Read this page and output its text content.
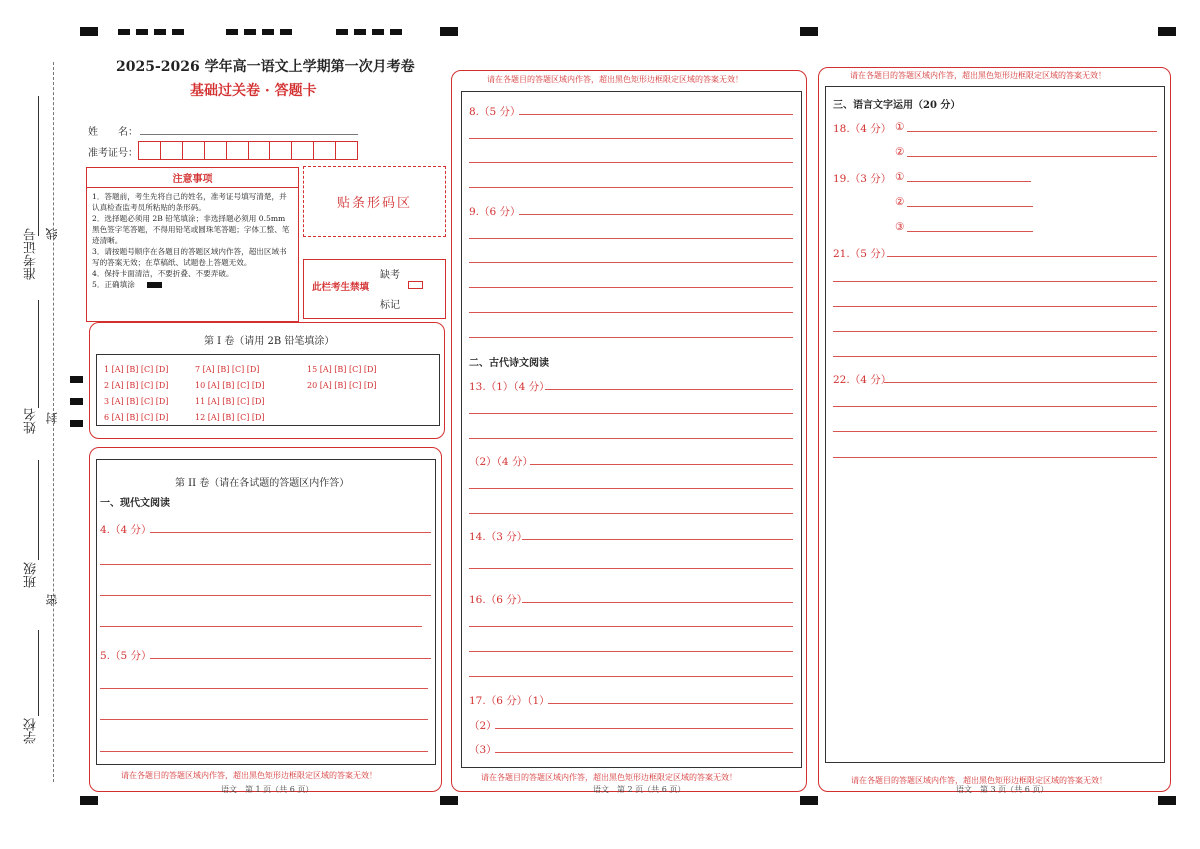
准考证号
姓名
班级
学校
线
封
密
2025-2026 学年高一语文上学期第一次月考卷
基础过关卷 · 答题卡
姓　　名：
准考证号：
注意事项
1．答题前，考生先将自己的姓名，准考证号填写清楚，并认真检查监考员所粘贴的条形码。
2．选择题必须用 2B 铅笔填涂；非选择题必须用 0.5mm 黑色签字笔答题，不得用铅笔或圆珠笔答题；字体工整、笔迹清晰。
3．请按题号顺序在各题目的答题区域内作答，超出区域书写的答案无效；在草稿纸、试题卷上答题无效。
4．保持卡面清洁，不要折叠、不要弄破。
5．正确填涂
贴条形码区
此栏考生禁填
缺考
标记
第 I 卷（请用 2B 铅笔填涂）
1 [A] [B] [C] [D]
2 [A] [B] [C] [D]
3 [A] [B] [C] [D]
6 [A] [B] [C] [D]
7 [A] [B] [C] [D]
10 [A] [B] [C] [D]
11 [A] [B] [C] [D]
12 [A] [B] [C] [D]
15 [A] [B] [C] [D]
20 [A] [B] [C] [D]
第 II 卷（请在各试题的答题区内作答）
一、现代文阅读
4.（4 分）
5.（5 分）
请在各题目的答题区域内作答，超出黑色矩形边框限定区域的答案无效！
语文　第 1 页（共 6 页）
请在各题目的答题区域内作答，超出黑色矩形边框限定区域的答案无效！
8.（5 分）
9.（6 分）
二、古代诗文阅读
13.（1）（4 分）
（2）（4 分）
14.（3 分）
16.（6 分）
17.（6 分）（1）
（2）
（3）
请在各题目的答题区域内作答，超出黑色矩形边框限定区域的答案无效！
语文　第 2 页（共 6 页）
请在各题目的答题区域内作答，超出黑色矩形边框限定区域的答案无效！
三、语言文字运用（20 分）
18.（4 分） ①
②
19.（3 分） ①
②
③
21.（5 分）
22.（4 分）
请在各题目的答题区域内作答，超出黑色矩形边框限定区域的答案无效！
语文　第 3 页（共 6 页）
